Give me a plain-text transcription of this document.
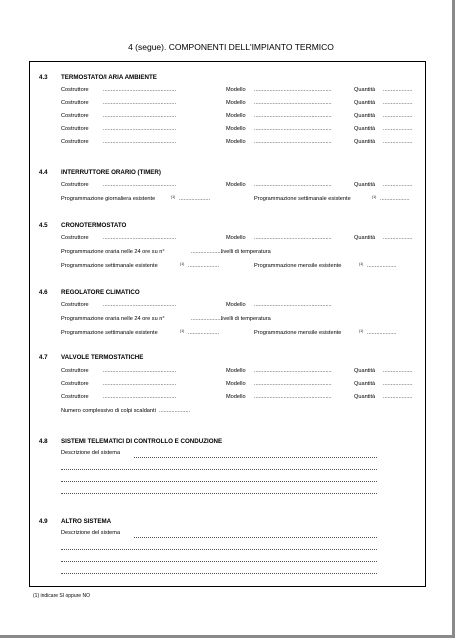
4 (segue). COMPONENTI DELL'IMPIANTO TERMICO
4.3 TERMOSTATO/I ARIA AMBIENTE
Costruttore	...............................................	Modello ..................................................	Quantità ...................
Costruttore	...............................................	Modello ..................................................	Quantità ...................
Costruttore	...............................................	Modello ..................................................	Quantità ...................
Costruttore	...............................................	Modello ..................................................	Quantità ...................
Costruttore	...............................................	Modello ..................................................	Quantità ...................
4.4 INTERRUTTORE ORARIO (TIMER)
Costruttore	...............................................	Modello ..................................................	Quantità ...................
Programmazione giornaliera esistente	(1) ....................	Programmazione settimanale esistente	(1) ...................
4.5 CRONOTERMOSTATO
Costruttore	...............................................	Modello ..................................................	Quantità ...................
Programmazione oraria nelle 24 ore su n°	....................
livelli di temperatura
Programmazione settimanale esistente	(1) ....................	Programmazione mensile esistente	(1) ...................
4.6 REGOLATORE CLIMATICO
Costruttore	...............................................	Modello ..................................................
Programmazione oraria nelle 24 ore su n°	....................
livelli di temperatura
Programmazione settimanale esistente	(1) ....................	Programmazione mensile esistente	(1) ...................
4.7 VALVOLE TERMOSTATICHE
Costruttore	...............................................	Modello ..................................................	Quantità ...................
Costruttore	...............................................	Modello ..................................................	Quantità ...................
Costruttore	...............................................	Modello ..................................................	Quantità ...................
Numero complessivo di colpi scaldanti ....................
4.8 SISTEMI TELEMATICI DI CONTROLLO E CONDUZIONE
Descrizione del sistema
4.9 ALTRO SISTEMA
Descrizione del sistema
(1) indicare SI oppure NO
